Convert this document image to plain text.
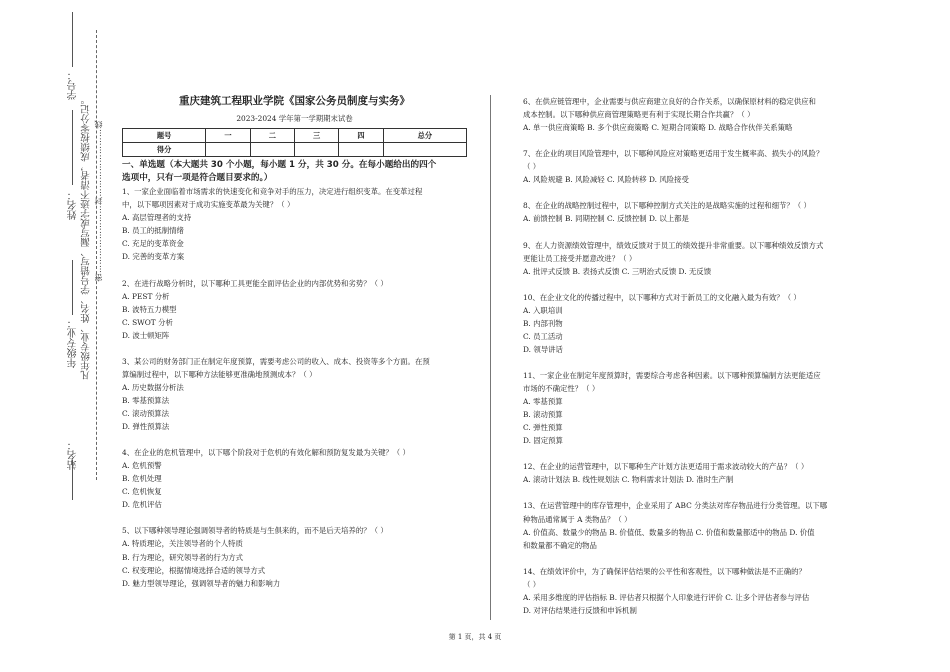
站名：
年级专业：
姓名：
学号：
凡年级专业、姓名、学号错写、漏写或字迹不清者，成绩按零分记。 密……………………封……………………线
重庆建筑工程职业学院《国家公务员制度与实务》
2023-2024 学年第一学期期末试卷
题号	一	二	三	四	总分
得分					
一、单选题（本大题共 30 个小题，每小题 1 分，共 30 分。在每小题给出的四个
选项中，只有一项是符合题目要求的。）
1、一家企业面临着市场需求的快速变化和竞争对手的压力，决定进行组织变革。在变革过程
中，以下哪项因素对于成功实施变革最为关键？（ ）
A. 高层管理者的支持
B. 员工的抵制情绪
C. 充足的变革资金
D. 完善的变革方案
2、在进行战略分析时，以下哪种工具更能全面评估企业的内部优势和劣势？（ ）
A. PEST 分析
B. 波特五力模型
C. SWOT 分析
D. 波士顿矩阵
3、某公司的财务部门正在制定年度预算，需要考虑公司的收入、成本、投资等多个方面。在预
算编制过程中，以下哪种方法能够更准确地预测成本？（ ）
A. 历史数据分析法
B. 零基预算法
C. 滚动预算法
D. 弹性预算法
4、在企业的危机管理中，以下哪个阶段对于危机的有效化解和预防复发最为关键？（ ）
A. 危机预警
B. 危机处理
C. 危机恢复
D. 危机评估
5、以下哪种领导理论强调领导者的特质是与生俱来的，而不是后天培养的？（ ）
A. 特质理论，关注领导者的个人特质
B. 行为理论，研究领导者的行为方式
C. 权变理论，根据情境选择合适的领导方式
D. 魅力型领导理论，强调领导者的魅力和影响力
6、在供应链管理中，企业需要与供应商建立良好的合作关系，以确保原材料的稳定供应和
成本控制。以下哪种供应商管理策略更有利于实现长期合作共赢？（ ）
A. 单一供应商策略 B. 多个供应商策略 C. 短期合同策略 D. 战略合作伙伴关系策略
7、在企业的项目风险管理中，以下哪种风险应对策略更适用于发生概率高、损失小的风险？
（ ）
A. 风险规避 B. 风险减轻 C. 风险转移 D. 风险接受
8、在企业的战略控制过程中，以下哪种控制方式关注的是战略实施的过程和细节？（ ）
A. 前馈控制 B. 同期控制 C. 反馈控制 D. 以上都是
9、在人力资源绩效管理中，绩效反馈对于员工的绩效提升非常重要。以下哪种绩效反馈方式
更能让员工接受并愿意改进？（ ）
A. 批评式反馈 B. 表扬式反馈 C. 三明治式反馈 D. 无反馈
10、在企业文化的传播过程中，以下哪种方式对于新员工的文化融入最为有效？（ ）
A. 入职培训
B. 内部刊物
C. 员工活动
D. 领导讲话
11、一家企业在制定年度预算时，需要综合考虑各种因素。以下哪种预算编制方法更能适应
市场的不确定性？（ ）
A. 零基预算
B. 滚动预算
C. 弹性预算
D. 固定预算
12、在企业的运营管理中，以下哪种生产计划方法更适用于需求波动较大的产品？（ ）
A. 滚动计划法 B. 线性规划法 C. 物料需求计划法 D. 准时生产制
13、在运营管理中的库存管理中，企业采用了 ABC 分类法对库存物品进行分类管理。以下哪
种物品通常属于 A 类物品？（ ）
A. 价值高、数量少的物品 B. 价值低、数量多的物品 C. 价值和数量都适中的物品 D. 价值
和数量都不确定的物品
14、在绩效评价中，为了确保评估结果的公平性和客观性，以下哪种做法是不正确的？
（ ）
A. 采用多维度的评估指标 B. 评估者只根据个人印象进行评价 C. 让多个评估者参与评估
D. 对评估结果进行反馈和申诉机制
第 1 页，共 4 页
